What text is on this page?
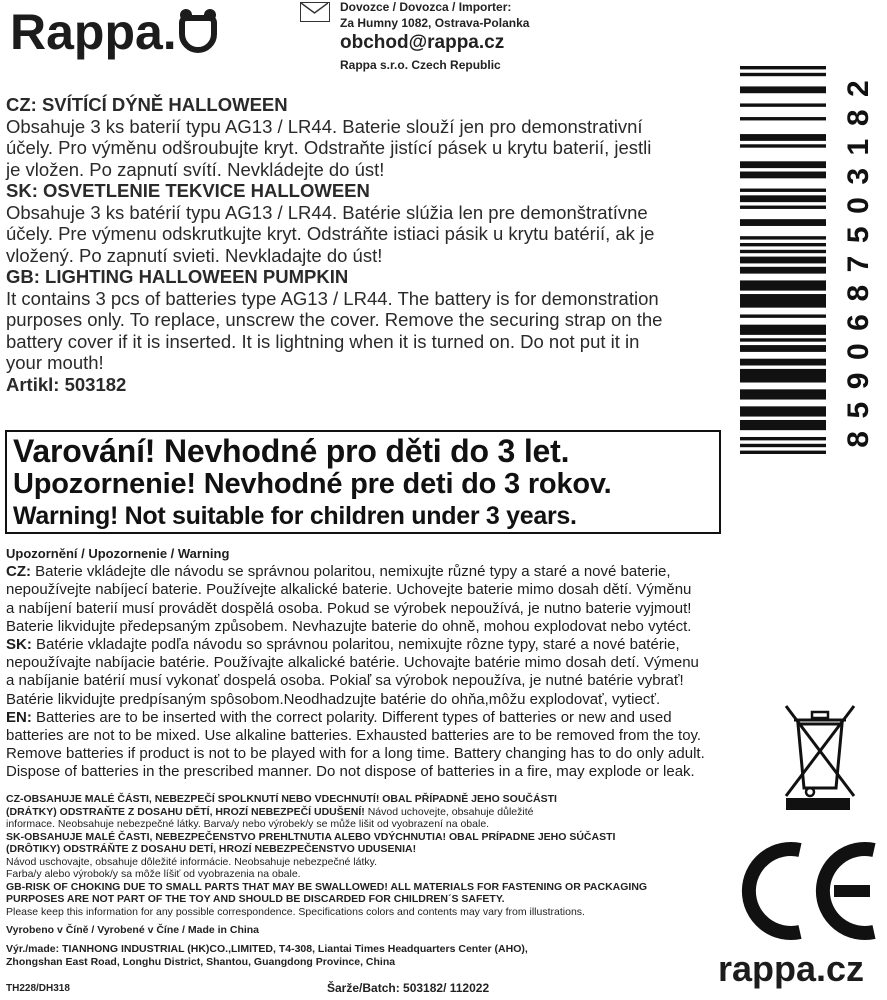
Rappa.	Dovozce / Dovozca / Importer:
Za Humny 1082, Ostrava-Polanka
obchod@rappa.cz
Rappa s.r.o. Czech Republic

CZ: SVÍTÍCÍ DÝNĚ HALLOWEEN

Obsahuje 3 ks baterií typu AG13 / LR44. Baterie slouží jen pro demonstrativní

účely. Pro výměnu odšroubujte kryt. Odstraňte jistící pásek u krytu baterií, jestli

je vložen. Po zapnutí svítí. Nevkládejte do úst!

SK: OSVETLENIE TEKVICE HALLOWEEN

Obsahuje 3 ks batérií typu AG13 / LR44. Batérie slúžia len pre demonštratívne

účely. Pre výmenu odskrutkujte kryt. Odstráňte istiaci pásik u krytu batérií, ak je

vložený. Po zapnutí svieti. Nevkladajte do úst!

GB: LIGHTING HALLOWEEN PUMPKIN

It contains 3 pcs of batteries type AG13 / LR44. The battery is for demonstration

purposes only. To replace, unscrew the cover. Remove the securing strap on the

battery cover if it is inserted. It is lightning when it is turned on. Do not put it in

your mouth!

Artikl: 503182

8
5
9
0
6
8
7
5
0
3
1
8
2
Varování! Nevhodné pro děti do 3 let.
Upozornenie! Nevhodné pre deti do 3 rokov.
Warning! Not suitable for children under 3 years.

Upozornění / Upozornenie / Warning

CZ: Baterie vkládejte dle návodu se správnou polaritou, nemixujte různé typy a staré a nové baterie,

nepoužívejte nabíjecí baterie. Používejte alkalické baterie. Uchovejte baterie mimo dosah dětí. Výměnu

a nabíjení baterií musí provádět dospělá osoba. Pokud se výrobek nepoužívá, je nutno baterie vyjmout!

Baterie likvidujte předepsaným způsobem. Nevhazujte baterie do ohně, mohou explodovat nebo vytéct.

SK: Batérie vkladajte podľa návodu so správnou polaritou, nemixujte rôzne typy, staré a nové batérie,

nepoužívajte nabíjacie batérie. Používajte alkalické batérie. Uchovajte batérie mimo dosah detí. Výmenu

a nabíjanie batérií musí vykonať dospelá osoba. Pokiaľ sa výrobok nepoužíva, je nutné batérie vybrať!

Batérie likvidujte predpísaným spôsobom.Neodhadzujte batérie do ohňa,môžu explodovať, vytiecť.

EN: Batteries are to be inserted with the correct polarity. Different types of batteries or new and used

batteries are not to be mixed. Use alkaline batteries. Exhausted batteries are to be removed from the toy.

Remove batteries if product is not to be played with for a long time. Battery changing has to do only adult.

Dispose of batteries in the prescribed manner. Do not dispose of batteries in a fire, may explode or leak.

CZ-OBSAHUJE MALÉ ČÁSTI, NEBEZPEČÍ SPOLKNUTÍ NEBO VDECHNUTÍ! OBAL PŘÍPADNĚ JEHO SOUČÁSTI

(DRÁTKY) ODSTRAŇTE Z DOSAHU DĚTÍ, HROZÍ NEBEZPEČÍ UDUŠENÍ! Návod uchovejte, obsahuje důležité

informace. Neobsahuje nebezpečné látky. Barva/y nebo výrobek/y se může lišit od vyobrazení na obale.

SK-OBSAHUJE MALÉ ČASTI, NEBEZPEČENSTVO PREHLTNUTIA ALEBO VDÝCHNUTIA! OBAL PRÍPADNE JEHO SÚČASTI

(DRÔTIKY) ODSTRÁŇTE Z DOSAHU DETÍ, HROZÍ NEBEZPEČENSTVO UDUSENIA!

Návod uschovajte, obsahuje dôležité informácie. Neobsahuje nebezpečné látky.

Farba/y alebo výrobok/y sa môže líšiť od vyobrazenia na obale.

GB-RISK OF CHOKING DUE TO SMALL PARTS THAT MAY BE SWALLOWED! ALL MATERIALS FOR FASTENING OR PACKAGING

PURPOSES ARE NOT PART OF THE TOY AND SHOULD BE DISCARDED FOR CHILDREN´S SAFETY.

Please keep this information for any possible correspondence. Specifications colors and contents may vary from illustrations.

Vyrobeno v Číně / Vyrobené v Číne / Made in China

Výr./made: TIANHONG INDUSTRIAL (HK)CO.,LIMITED, T4-308, Liantai Times Headquarters Center (AHO),

Zhongshan East Road, Longhu District, Shantou, Guangdong Province, China

TH228/DH318	Šarže/Batch: 503182/ 112022	rappa.cz
